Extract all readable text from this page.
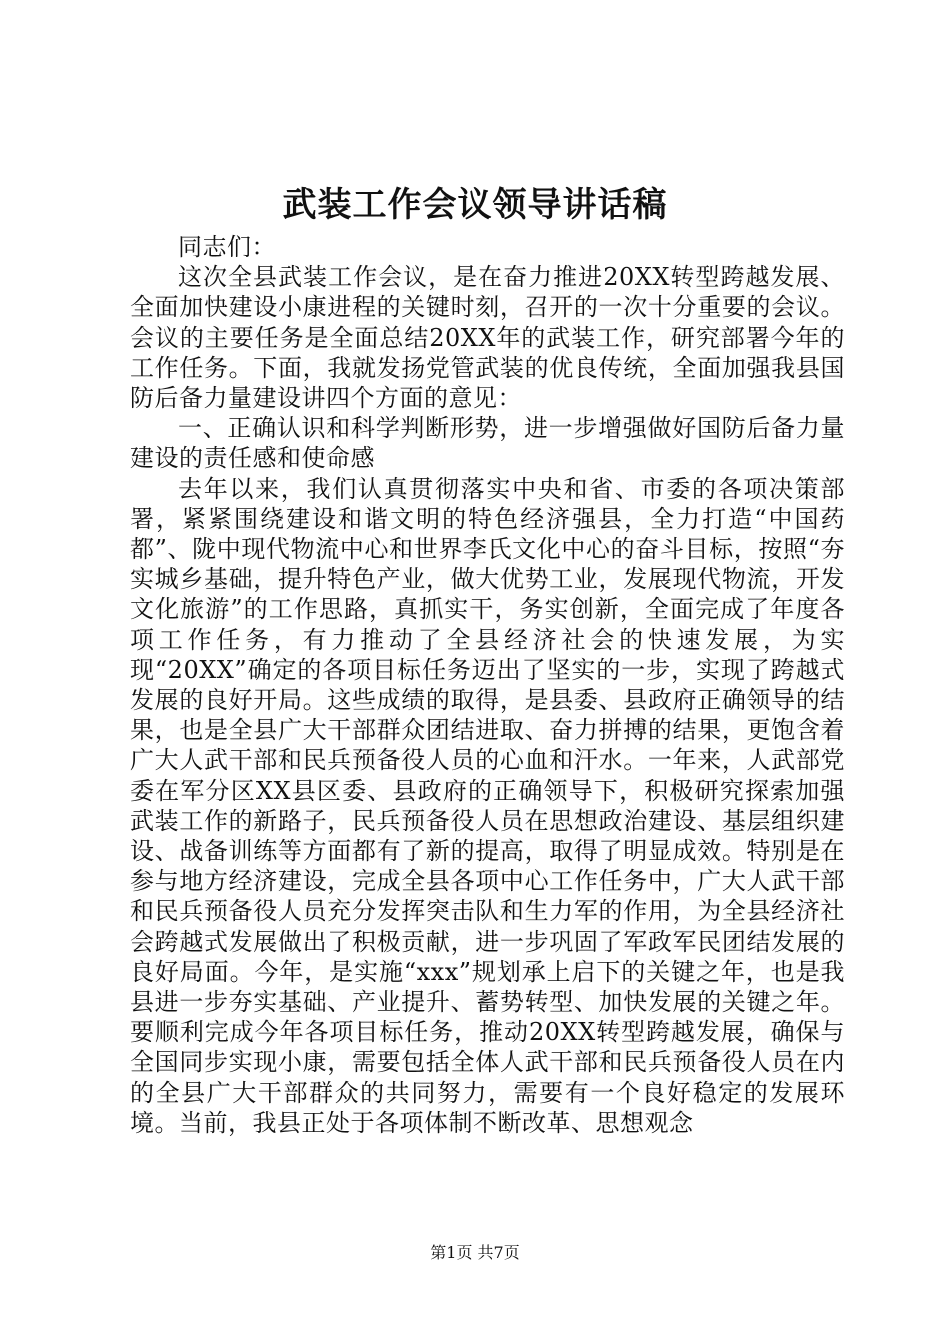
武装工作会议领导讲话稿

同志们：

这次全县武装工作会议，是在奋力推进20XX转型跨越发展、全面加快建设小康进程的关键时刻，召开的一次十分重要的会议。会议的主要任务是全面总结20XX年的武装工作，研究部署今年的工作任务。下面，我就发扬党管武装的优良传统，全面加强我县国防后备力量建设讲四个方面的意见：

一、正确认识和科学判断形势，进一步增强做好国防后备力量建设的责任感和使命感

去年以来，我们认真贯彻落实中央和省、市委的各项决策部署，紧紧围绕建设和谐文明的特色经济强县，全力打造“中国药都”、陇中现代物流中心和世界李氏文化中心的奋斗目标，按照“夯实城乡基础，提升特色产业，做大优势工业，发展现代物流，开发文化旅游”的工作思路，真抓实干，务实创新，全面完成了年度各项工作任务，有力推动了全县经济社会的快速发展，为实现“20XX”确定的各项目标任务迈出了坚实的一步，实现了跨越式发展的良好开局。这些成绩的取得，是县委、县政府正确领导的结果，也是全县广大干部群众团结进取、奋力拼搏的结果，更饱含着广大人武干部和民兵预备役人员的心血和汗水。一年来，人武部党委在军分区XX县区委、县政府的正确领导下，积极研究探索加强武装工作的新路子，民兵预备役人员在思想政治建设、基层组织建设、战备训练等方面都有了新的提高，取得了明显成效。特别是在参与地方经济建设，完成全县各项中心工作任务中，广大人武干部和民兵预备役人员充分发挥突击队和生力军的作用，为全县经济社会跨越式发展做出了积极贡献，进一步巩固了军政军民团结发展的良好局面。今年，是实施“xxx”规划承上启下的关键之年，也是我县进一步夯实基础、产业提升、蓄势转型、加快发展的关键之年。要顺利完成今年各项目标任务，推动20XX转型跨越发展，确保与全国同步实现小康，需要包括全体人武干部和民兵预备役人员在内的全县广大干部群众的共同努力，需要有一个良好稳定的发展环境。当前，我县正处于各项体制不断改革、思想观念

第1页 共7页
